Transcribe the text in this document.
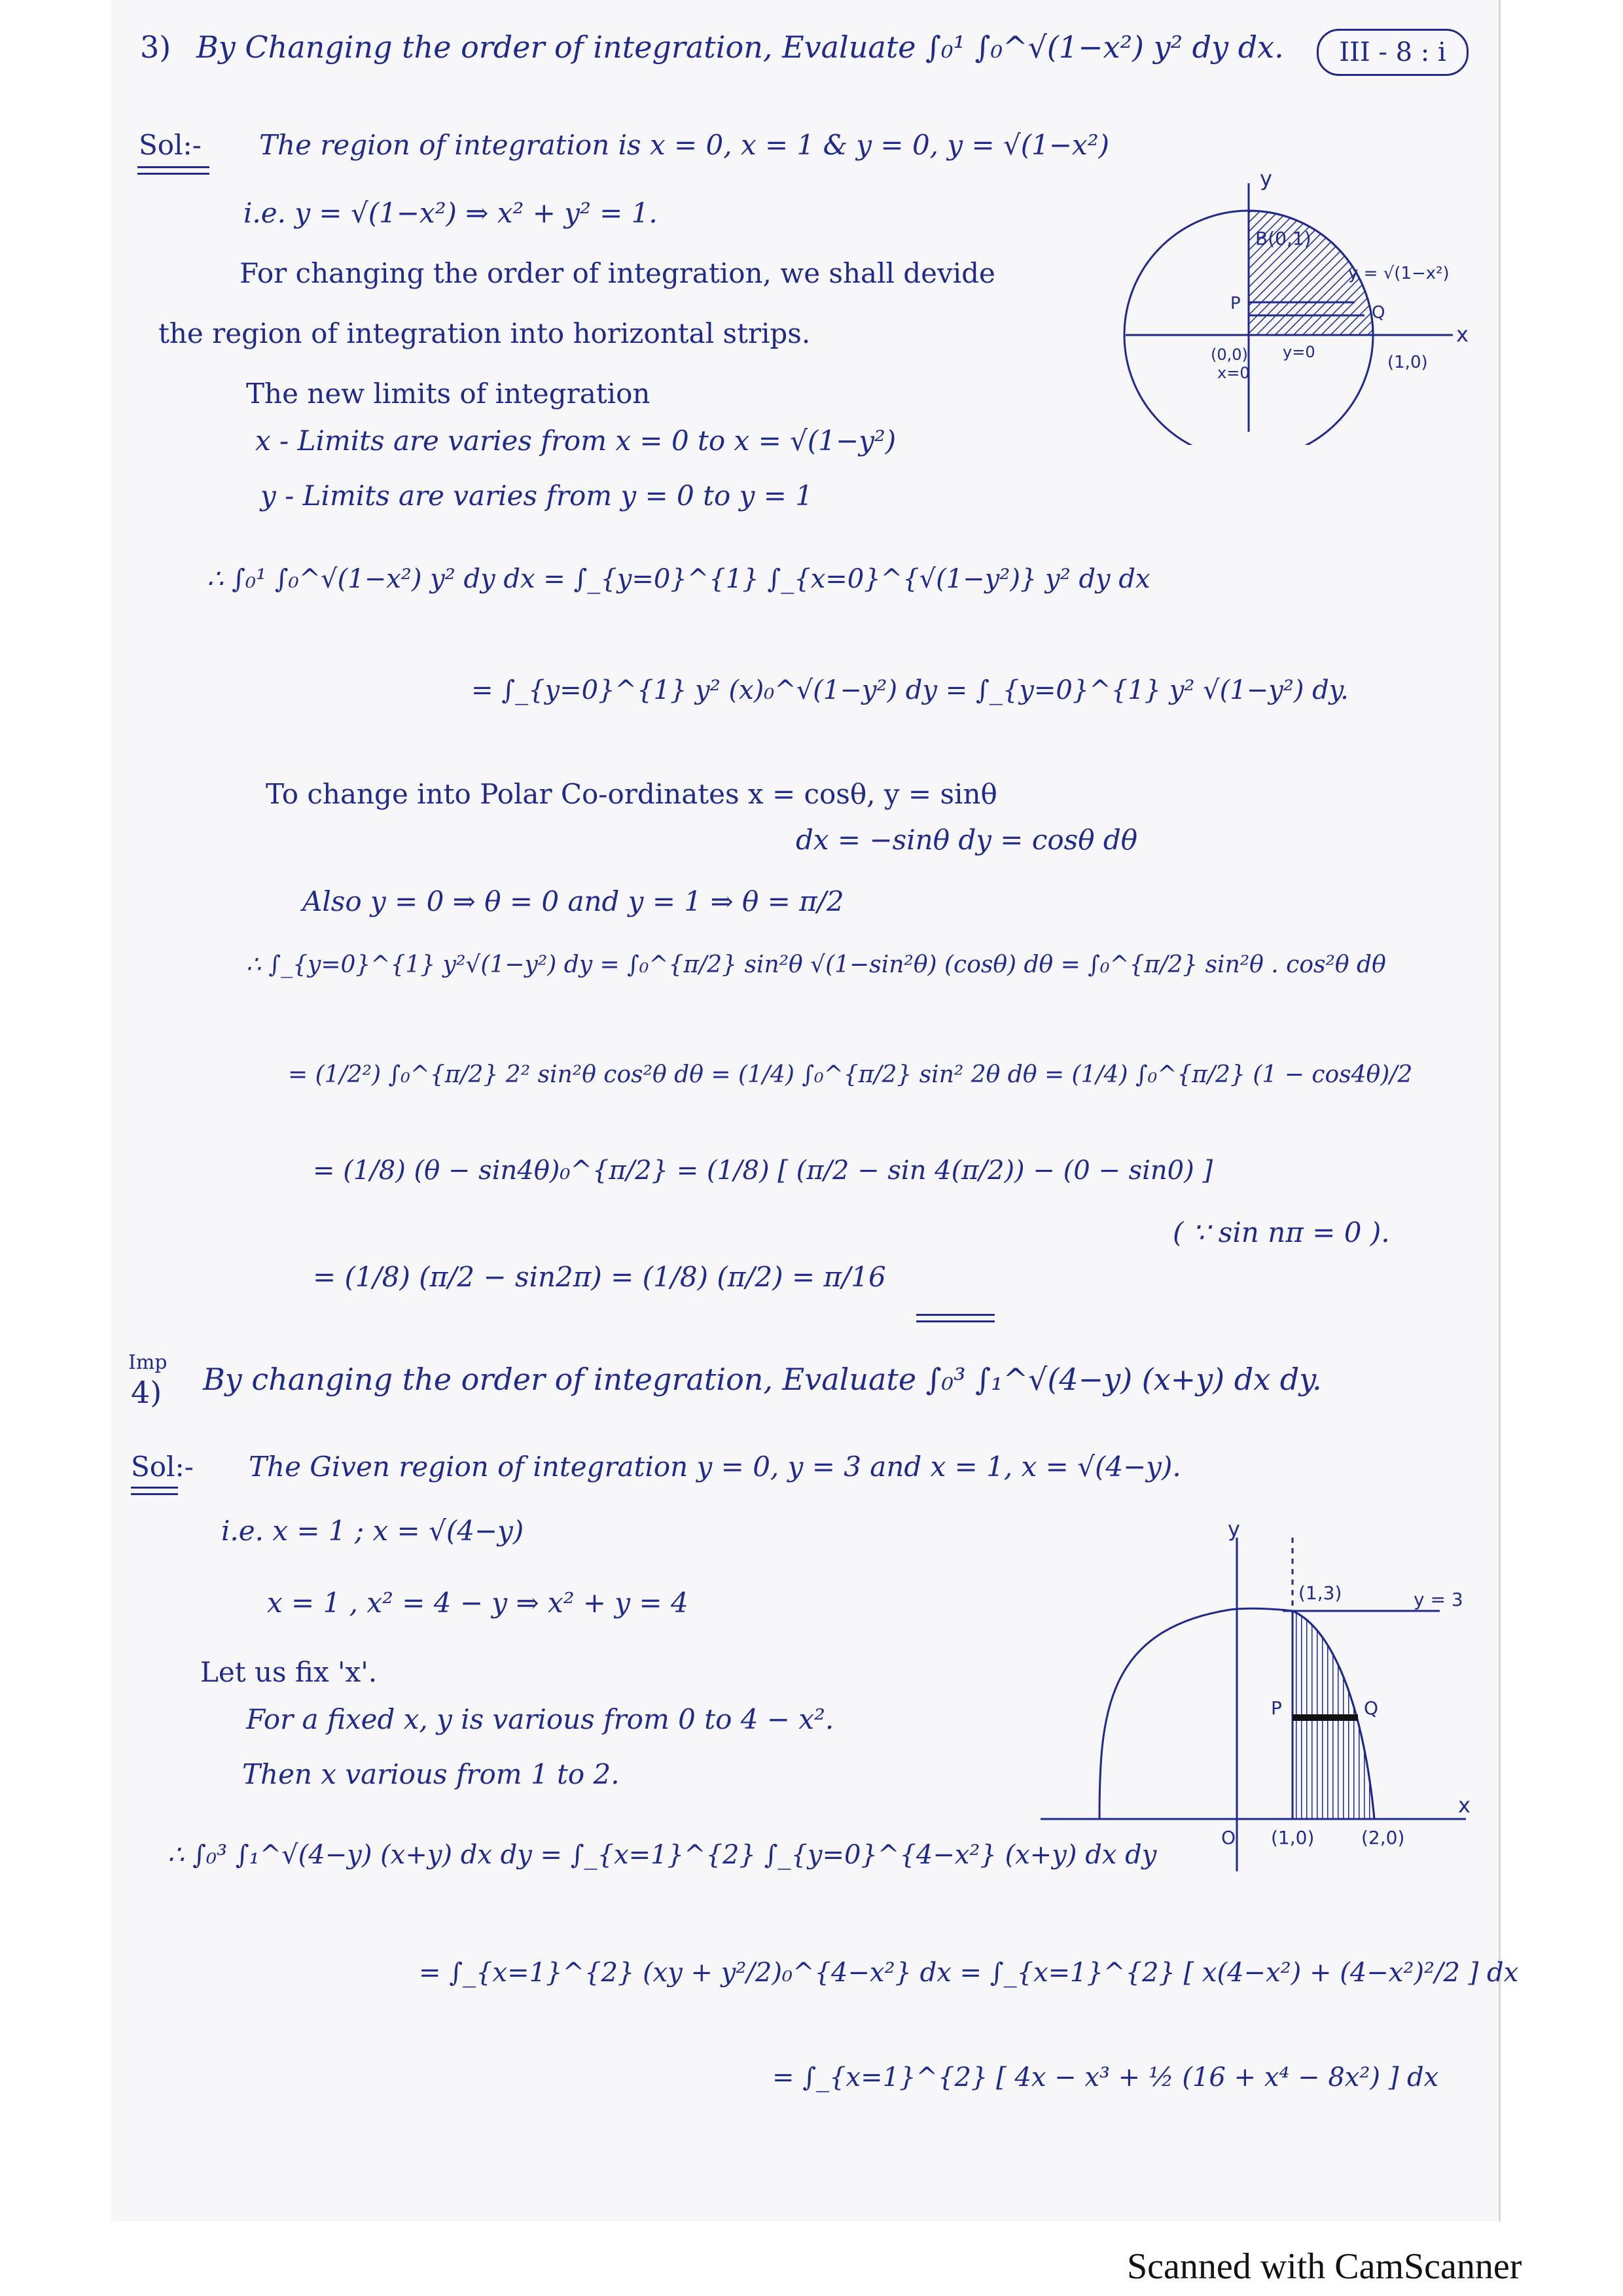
III - 8 : i
3) By Changing the order of integration, Evaluate ∫₀¹ ∫₀^√(1−x²) y² dy dx.
Sol:- The region of integration is x = 0, x = 1 & y = 0, y = √(1−x²)
i.e. y = √(1−x²) ⇒ x² + y² = 1.
For changing the order of integration, we shall devide
the region of integration into horizontal strips.
The new limits of integration
x - Limits are varies from x = 0 to x = √(1−y²)
y - Limits are varies from y = 0 to y = 1
∴ ∫₀¹ ∫₀^√(1−x²) y² dy dx = ∫_{y=0}^{1} ∫_{x=0}^{√(1−y²)} y² dy dx
= ∫_{y=0}^{1} y² (x)₀^√(1−y²) dy = ∫_{y=0}^{1} y² √(1−y²) dy.
To change into Polar Co-ordinates x = cosθ, y = sinθ
dx = −sinθ dy = cosθ dθ
Also y = 0 ⇒ θ = 0 and y = 1 ⇒ θ = π/2
∴ ∫_{y=0}^{1} y²√(1−y²) dy = ∫₀^{π/2} sin²θ √(1−sin²θ) (cosθ) dθ = ∫₀^{π/2} sin²θ . cos²θ dθ
= (1/2²) ∫₀^{π/2} 2² sin²θ cos²θ dθ = (1/4) ∫₀^{π/2} sin² 2θ dθ = (1/4) ∫₀^{π/2} (1 − cos4θ)/2
= (1/8) (θ − sin4θ)₀^{π/2} = (1/8) [ (π/2 − sin 4(π/2)) − (0 − sin0) ]
( ∵ sin nπ = 0 ).
= (1/8) (π/2 − sin2π) = (1/8) (π/2) = π/16
y
x
B(0,1)
y = √(1−x²)
(0,0)
x=0
y=0
(1,0)
P	Q
Imp
4) By changing the order of integration, Evaluate ∫₀³ ∫₁^√(4−y) (x+y) dx dy.
Sol:- The Given region of integration y = 0, y = 3 and x = 1, x = √(4−y).
i.e. x = 1 ; x = √(4−y)
x = 1 , x² = 4 − y ⇒ x² + y = 4
Let us fix 'x'.
For a fixed x, y is various from 0 to 4 − x².
Then x various from 1 to 2.
∴ ∫₀³ ∫₁^√(4−y) (x+y) dx dy = ∫_{x=1}^{2} ∫_{y=0}^{4−x²} (x+y) dx dy
= ∫_{x=1}^{2} (xy + y²/2)₀^{4−x²} dx = ∫_{x=1}^{2} [ x(4−x²) + (4−x²)²/2 ] dx
= ∫_{x=1}^{2} [ 4x − x³ + ½ (16 + x⁴ − 8x²) ] dx
y
x
(1,3)	y = 3
P	Q
O (1,0)	(2,0)
Scanned with CamScanner
